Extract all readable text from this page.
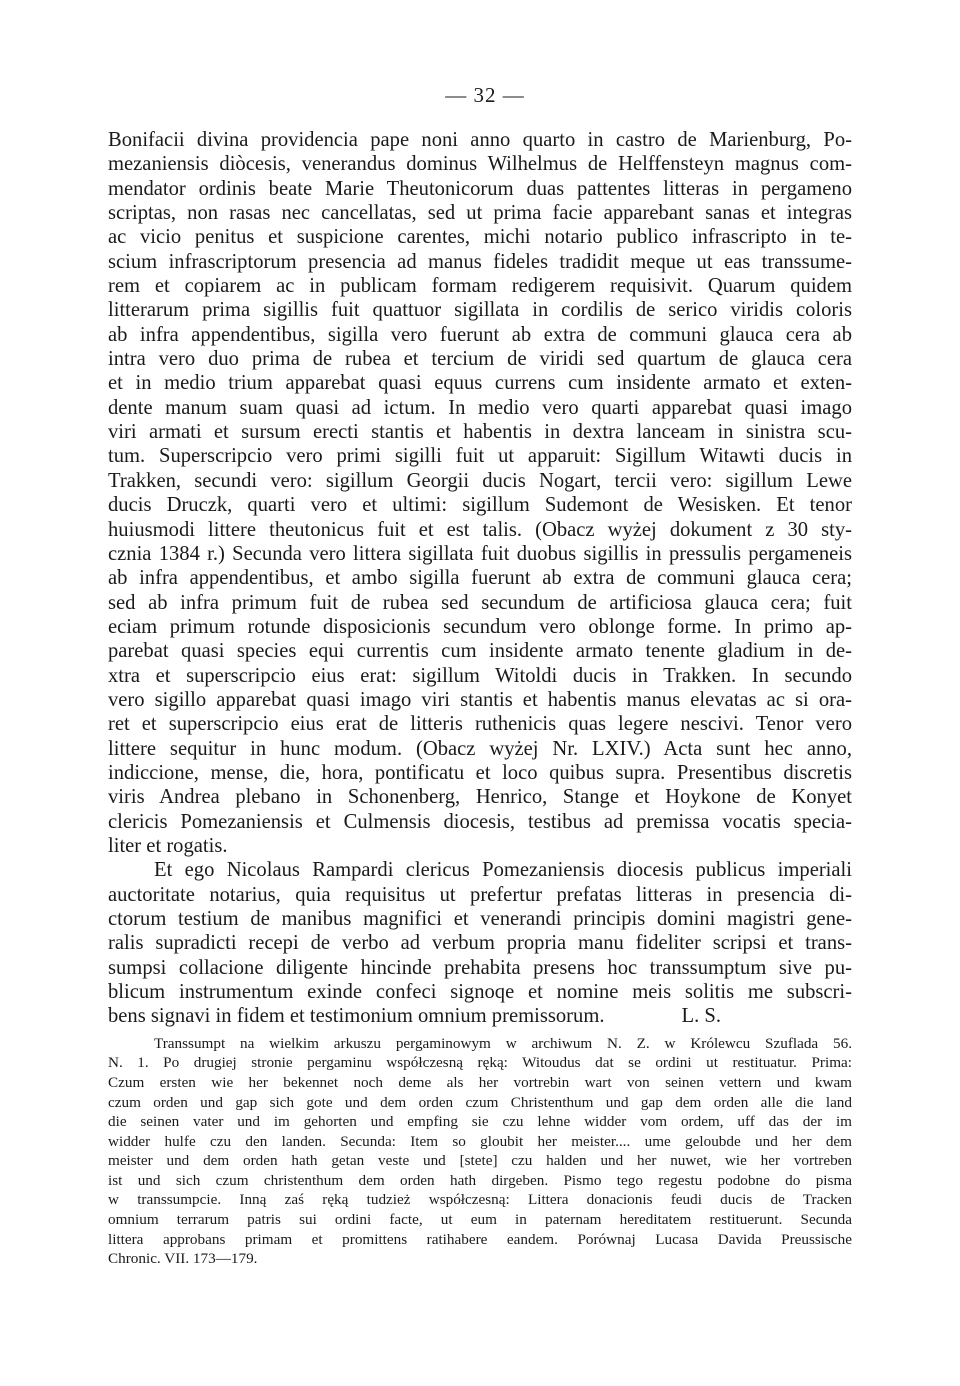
— 32 —
Bonifacii divina providencia pape noni anno quarto in castro de Marienburg, Po-
mezaniensis diòcesis, venerandus dominus Wilhelmus de Helffensteyn magnus com-
mendator ordinis beate Marie Theutonicorum duas pattentes litteras in pergameno
scriptas, non rasas nec cancellatas, sed ut prima facie apparebant sanas et integras
ac vicio penitus et suspicione carentes, michi notario publico infrascripto in te-
scium infrascriptorum presencia ad manus fideles tradidit meque ut eas transsume-
rem et copiarem ac in publicam formam redigerem requisivit. Quarum quidem
litterarum prima sigillis fuit quattuor sigillata in cordilis de serico viridis coloris
ab infra appendentibus, sigilla vero fuerunt ab extra de communi glauca cera ab
intra vero duo prima de rubea et tercium de viridi sed quartum de glauca cera
et in medio trium apparebat quasi equus currens cum insidente armato et exten-
dente manum suam quasi ad ictum. In medio vero quarti apparebat quasi imago
viri armati et sursum erecti stantis et habentis in dextra lanceam in sinistra scu-
tum. Superscripcio vero primi sigilli fuit ut apparuit: Sigillum Witawti ducis in
Trakken, secundi vero: sigillum Georgii ducis Nogart, tercii vero: sigillum Lewe
ducis Druczk, quarti vero et ultimi: sigillum Sudemont de Wesisken. Et tenor
huiusmodi littere theutonicus fuit et est talis. (Obacz wyżej dokument z 30 sty-
cznia 1384 r.) Secunda vero littera sigillata fuit duobus sigillis in pressulis pergameneis
ab infra appendentibus, et ambo sigilla fuerunt ab extra de communi glauca cera;
sed ab infra primum fuit de rubea sed secundum de artificiosa glauca cera; fuit
eciam primum rotunde disposicionis secundum vero oblonge forme. In primo ap-
parebat quasi species equi currentis cum insidente armato tenente gladium in de-
xtra et superscripcio eius erat: sigillum Witoldi ducis in Trakken. In secundo
vero sigillo apparebat quasi imago viri stantis et habentis manus elevatas ac si ora-
ret et superscripcio eius erat de litteris ruthenicis quas legere nescivi. Tenor vero
littere sequitur in hunc modum. (Obacz wyżej Nr. LXIV.) Acta sunt hec anno,
indiccione, mense, die, hora, pontificatu et loco quibus supra. Presentibus discretis
viris Andrea plebano in Schonenberg, Henrico, Stange et Hoykone de Konyet
clericis Pomezaniensis et Culmensis diocesis, testibus ad premissa vocatis specia-
liter et rogatis.
Et ego Nicolaus Rampardi clericus Pomezaniensis diocesis publicus imperiali
auctoritate notarius, quia requisitus ut prefertur prefatas litteras in presencia di-
ctorum testium de manibus magnifici et venerandi principis domini magistri gene-
ralis supradicti recepi de verbo ad verbum propria manu fideliter scripsi et trans-
sumpsi collacione diligente hincinde prehabita presens hoc transsumptum sive pu-
blicum instrumentum exinde confeci signoqe et nomine meis solitis me subscri-
bens signavi in fidem et testimonium omnium premissorum.	L. S.
Transsumpt na wielkim arkuszu pergaminowym w archiwum N. Z. w Królewcu Szuflada 56.
N. 1. Po drugiej stronie pergaminu współczesną ręką: Witoudus dat se ordini ut restituatur. Prima:
Czum ersten wie her bekennet noch deme als her vortrebin wart von seinen vettern und kwam
czum orden und gap sich gote und dem orden czum Christenthum und gap dem orden alle die land
die seinen vater und im gehorten und empfing sie czu lehne widder vom ordem, uff das der im
widder hulfe czu den landen. Secunda: Item so gloubit her meister.... ume geloubde und her dem
meister und dem orden hath getan veste und [stete] czu halden und her nuwet, wie her vortreben
ist und sich czum christenthum dem orden hath dirgeben. Pismo tego regestu podobne do pisma
w transsumpcie. Inną zaś ręką tudzież współczesną: Littera donacionis feudi ducis de Tracken
omnium terrarum patris sui ordini facte, ut eum in paternam hereditatem restituerunt. Secunda
littera approbans primam et promittens ratihabere eandem. Porównaj Lucasa Davida Preussische
Chronic. VII. 173—179.
